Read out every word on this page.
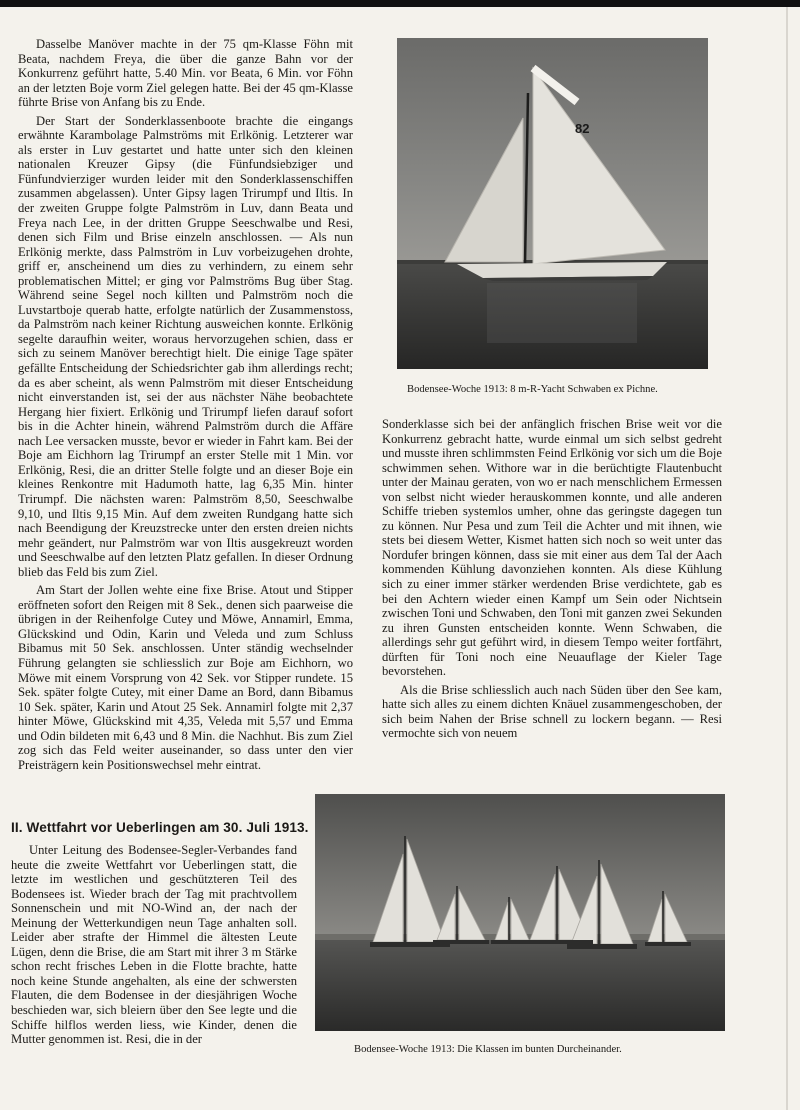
Dasselbe Manöver machte in der 75 qm-Klasse Föhn mit Beata, nachdem Freya, die über die ganze Bahn vor der Konkurrenz geführt hatte, 5.40 Min. vor Beata, 6 Min. vor Föhn an der letzten Boje vorm Ziel gelegen hatte. Bei der 45 qm-Klasse führte Brise von Anfang bis zu Ende.

Der Start der Sonderklassenboote brachte die eingangs erwähnte Karambolage Palmströms mit Erlkönig. Letzterer war als erster in Luv gestartet und hatte unter sich den kleinen nationalen Kreuzer Gipsy (die Fünfundsiebziger und Fünfundvierziger wurden leider mit den Sonderklassenschiffen zusammen abgelassen). Unter Gipsy lagen Trirumpf und Iltis. In der zweiten Gruppe folgte Palmström in Luv, dann Beata und Freya nach Lee, in der dritten Gruppe Seeschwalbe und Resi, denen sich Film und Brise einzeln anschlossen. — Als nun Erlkönig merkte, dass Palmström in Luv vorbeizugehen drohte, griff er, anscheinend um dies zu verhindern, zu einem sehr problematischen Mittel; er ging vor Palmströms Bug über Stag. Während seine Segel noch killten und Palmström noch die Luvstartboje querab hatte, erfolgte natürlich der Zusammenstoss, da Palmström nach keiner Richtung ausweichen konnte. Erlkönig segelte daraufhin weiter, woraus hervorzugehen schien, dass er sich zu seinem Manöver berechtigt hielt. Die einige Tage später gefällte Entscheidung der Schiedsrichter gab ihm allerdings recht; da es aber scheint, als wenn Palmström mit dieser Entscheidung nicht einverstanden ist, sei der aus nächster Nähe beobachtete Hergang hier fixiert. Erlkönig und Trirumpf liefen darauf sofort bis in die Achter hinein, während Palmström durch die Affäre nach Lee versacken musste, bevor er wieder in Fahrt kam. Bei der Boje am Eichhorn lag Trirumpf an erster Stelle mit 1 Min. vor Erlkönig, Resi, die an dritter Stelle folgte und an dieser Boje ein kleines Renkontre mit Hadumoth hatte, lag 6,35 Min. hinter Trirumpf. Die nächsten waren: Palmström 8,50, Seeschwalbe 9,10, und Iltis 9,15 Min. Auf dem zweiten Rundgang hatte sich nach Beendigung der Kreuzstrecke unter den ersten dreien nichts mehr geändert, nur Palmström war von Iltis ausgekreuzt worden und Seeschwalbe auf den letzten Platz gefallen. In dieser Ordnung blieb das Feld bis zum Ziel.

Am Start der Jollen wehte eine fixe Brise. Atout und Stipper eröffneten sofort den Reigen mit 8 Sek., denen sich paarweise die übrigen in der Reihenfolge Cutey und Möwe, Annamirl, Emma, Glückskind und Odin, Karin und Veleda und zum Schluss Bibamus mit 50 Sek. anschlossen. Unter ständig wechselnder Führung gelangten sie schliesslich zur Boje am Eichhorn, wo Möwe mit einem Vorsprung von 42 Sek. vor Stipper rundete. 15 Sek. später folgte Cutey, mit einer Dame an Bord, dann Bibamus 10 Sek. später, Karin und Atout 25 Sek. Annamirl folgte mit 2,37 hinter Möwe, Glückskind mit 4,35, Veleda mit 5,57 und Emma und Odin bildeten mit 6,43 und 8 Min. die Nachhut. Bis zum Ziel zog sich das Feld weiter auseinander, so dass unter den vier Preisträgern kein Positionswechsel mehr eintrat.

82
Bodensee-Woche 1913: 8 m-R-Yacht Schwaben ex Pichne.

Sonderklasse sich bei der anfänglich frischen Brise weit vor die Konkurrenz gebracht hatte, wurde einmal um sich selbst gedreht und musste ihren schlimmsten Feind Erlkönig vor sich um die Boje schwimmen sehen. Withore war in die berüchtigte Flautenbucht unter der Mainau geraten, von wo er nach menschlichem Ermessen von selbst nicht wieder herauskommen konnte, und alle anderen Schiffe trieben systemlos umher, ohne das geringste dagegen tun zu können. Nur Pesa und zum Teil die Achter und mit ihnen, wie stets bei diesem Wetter, Kismet hatten sich noch so weit unter das Nordufer bringen können, dass sie mit einer aus dem Tal der Aach kommenden Kühlung davonziehen konnten. Als diese Kühlung sich zu einer immer stärker werdenden Brise verdichtete, gab es bei den Achtern wieder einen Kampf um Sein oder Nichtsein zwischen Toni und Schwaben, den Toni mit ganzen zwei Sekunden zu ihren Gunsten entscheiden konnte. Wenn Schwaben, die allerdings sehr gut geführt wird, in diesem Tempo weiter fortfährt, dürften für Toni noch eine Neuauflage der Kieler Tage bevorstehen.

Als die Brise schliesslich auch nach Süden über den See kam, hatte sich alles zu einem dichten Knäuel zusammengeschoben, der sich beim Nahen der Brise schnell zu lockern begann. — Resi vermochte sich von neuem

II. Wettfahrt vor Ueberlingen am 30. Juli 1913.

Unter Leitung des Bodensee-Segler-Verbandes fand heute die zweite Wettfahrt vor Ueberlingen statt, die letzte im westlichen und geschützteren Teil des Bodensees ist. Wieder brach der Tag mit prachtvollem Sonnenschein und mit NO-Wind an, der nach der Meinung der Wetterkundigen neun Tage anhalten soll. Leider aber strafte der Himmel die ältesten Leute Lügen, denn die Brise, die am Start mit ihrer 3 m Stärke schon recht frisches Leben in die Flotte brachte, hatte noch keine Stunde angehalten, als eine der schwersten Flauten, die dem Bodensee in der diesjährigen Woche beschieden war, sich bleiern über den See legte und die Schiffe hilflos werden liess, wie Kinder, denen die Mutter genommen ist. Resi, die in der

Bodensee-Woche 1913: Die Klassen im bunten Durcheinander.
